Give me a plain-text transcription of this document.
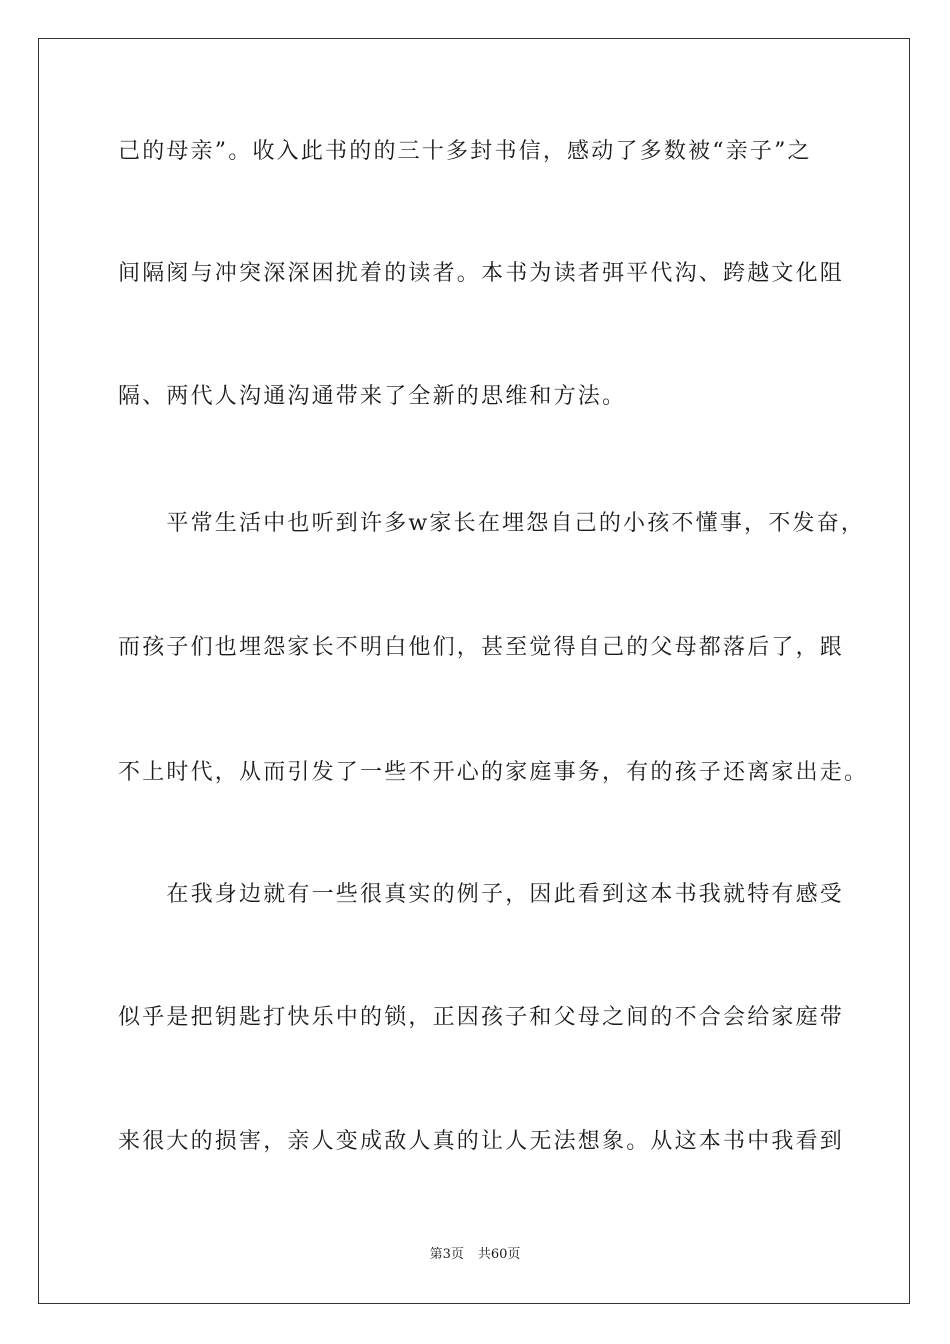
己的母亲”。收入此书的的三十多封书信，感动了多数被“亲子”之
间隔阂与冲突深深困扰着的读者。本书为读者弭平代沟、跨越文化阻
隔、两代人沟通沟通带来了全新的思维和方法。
　　平常生活中也听到许多w家长在埋怨自己的小孩不懂事，不发奋，
而孩子们也埋怨家长不明白他们，甚至觉得自己的父母都落后了，跟
不上时代，从而引发了一些不开心的家庭事务，有的孩子还离家出走。
　　在我身边就有一些很真实的例子，因此看到这本书我就特有感受
似乎是把钥匙打快乐中的锁，正因孩子和父母之间的不合会给家庭带
来很大的损害，亲人变成敌人真的让人无法想象。从这本书中我看到
第3页 共60页
